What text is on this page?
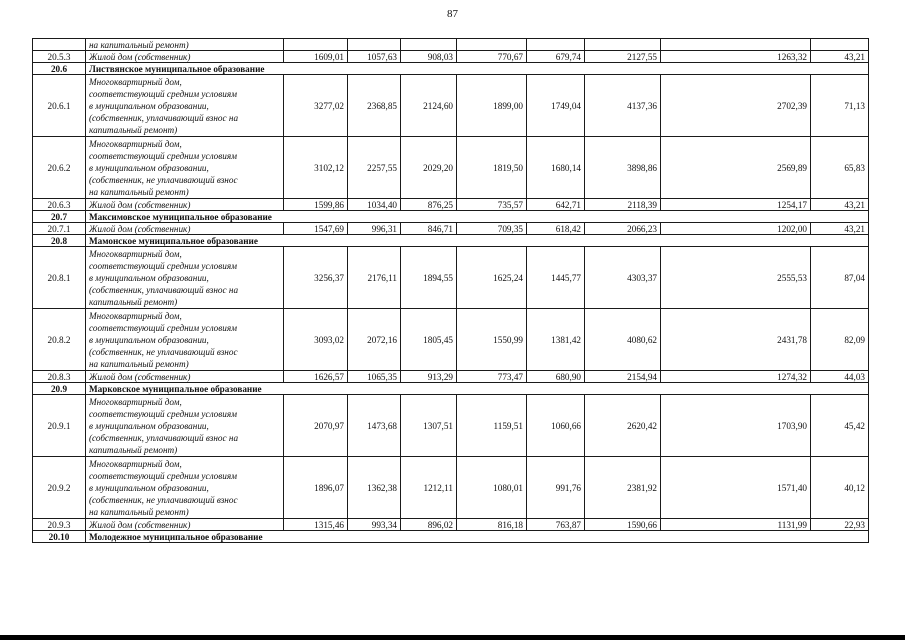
87
	на капитальный ремонт)								
20.5.3	Жилой дом (собственник)	1609,01	1057,63	908,03	770,67	679,74	2127,55	1263,32	43,21
20.6	Листвянское муниципальное образование								
20.6.1	Многоквартирный дом,
соответствующий средним условиям
в муниципальном образовании,
(собственник, уплачивающий взнос на
капитальный ремонт)	3277,02	2368,85	2124,60	1899,00	1749,04	4137,36	2702,39	71,13
20.6.2	Многоквартирный дом,
соответствующий средним условиям
в муниципальном образовании,
(собственник, не уплачивающий взнос
на капитальный ремонт)	3102,12	2257,55	2029,20	1819,50	1680,14	3898,86	2569,89	65,83
20.6.3	Жилой дом (собственник)	1599,86	1034,40	876,25	735,57	642,71	2118,39	1254,17	43,21
20.7	Максимовское муниципальное образование								
20.7.1	Жилой дом (собственник)	1547,69	996,31	846,71	709,35	618,42	2066,23	1202,00	43,21
20.8	Мамонское муниципальное образование								
20.8.1	Многоквартирный дом,
соответствующий средним условиям
в муниципальном образовании,
(собственник, уплачивающий взнос на
капитальный ремонт)	3256,37	2176,11	1894,55	1625,24	1445,77	4303,37	2555,53	87,04
20.8.2	Многоквартирный дом,
соответствующий средним условиям
в муниципальном образовании,
(собственник, не уплачивающий взнос
на капитальный ремонт)	3093,02	2072,16	1805,45	1550,99	1381,42	4080,62	2431,78	82,09
20.8.3	Жилой дом (собственник)	1626,57	1065,35	913,29	773,47	680,90	2154,94	1274,32	44,03
20.9	Марковское муниципальное образование								
20.9.1	Многоквартирный дом,
соответствующий средним условиям
в муниципальном образовании,
(собственник, уплачивающий взнос на
капитальный ремонт)	2070,97	1473,68	1307,51	1159,51	1060,66	2620,42	1703,90	45,42
20.9.2	Многоквартирный дом,
соответствующий средним условиям
в муниципальном образовании,
(собственник, не уплачивающий взнос
на капитальный ремонт)	1896,07	1362,38	1212,11	1080,01	991,76	2381,92	1571,40	40,12
20.9.3	Жилой дом (собственник)	1315,46	993,34	896,02	816,18	763,87	1590,66	1131,99	22,93
20.10	Молодежное муниципальное образование								
